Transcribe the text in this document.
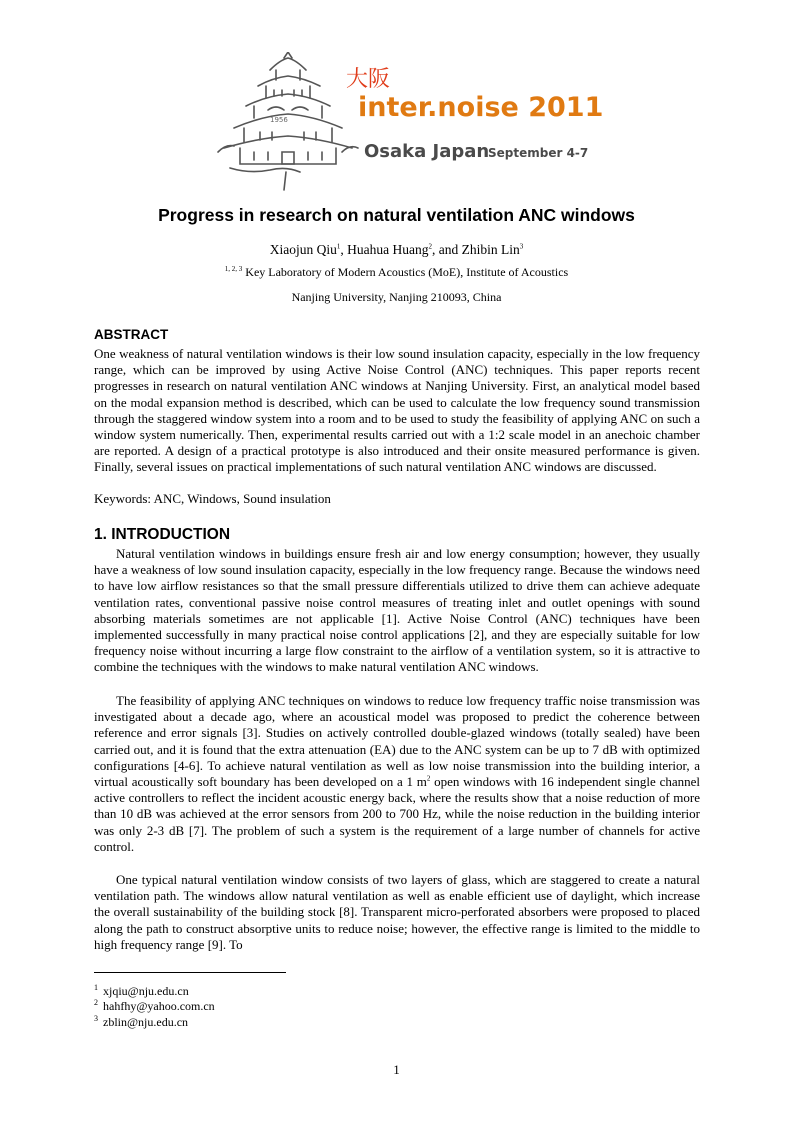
1956
大阪
inter.noise 2011
Osaka Japan
September 4-7
Progress in research on natural ventilation ANC windows
Xiaojun Qiu$^1$, Huahua Huang$^2$, and Zhibin Lin$^3$
$^{1, 2, 3}$ Key Laboratory of Modern Acoustics (MoE), Institute of Acoustics
Nanjing University, Nanjing 210093, China
ABSTRACT

One weakness of natural ventilation windows is their low sound insulation capacity, especially in the low frequency range, which can be improved by using Active Noise Control (ANC) techniques. This paper reports recent progresses in research on natural ventilation ANC windows at Nanjing University. First, an analytical model based on the modal expansion method is described, which can be used to calculate the low frequency sound transmission through the staggered window system into a room and to be used to study the feasibility of applying ANC on such a window system numerically. Then, experimental results carried out with a 1:2 scale model in an anechoic chamber are reported. A design of a practical prototype is also introduced and their onsite measured performance is given. Finally, several issues on practical implementations of such natural ventilation ANC windows are discussed.

Keywords: ANC, Windows, Sound insulation

1. INTRODUCTION

Natural ventilation windows in buildings ensure fresh air and low energy consumption; however, they usually have a weakness of low sound insulation capacity, especially in the low frequency range. Because the windows need to have low airflow resistances so that the small pressure differentials utilized to drive them can achieve adequate ventilation rates, conventional passive noise control measures of treating inlet and outlet openings with sound absorbing materials sometimes are not applicable [1]. Active Noise Control (ANC) techniques have been implemented successfully in many practical noise control applications [2], and they are especially suitable for low frequency noise without incurring a large flow constraint to the airflow of a ventilation system, so it is attractive to combine the techniques with the windows to make natural ventilation ANC windows.

The feasibility of applying ANC techniques on windows to reduce low frequency traffic noise transmission was investigated about a decade ago, where an acoustical model was proposed to predict the coherence between reference and error signals [3]. Studies on actively controlled double-glazed windows (totally sealed) have been carried out, and it is found that the extra attenuation (EA) due to the ANC system can be up to 7 dB with optimized configurations [4-6]. To achieve natural ventilation as well as low noise transmission into the building interior, a virtual acoustically soft boundary has been developed on a 1 $m^2$ open windows with 16 independent single channel active controllers to reflect the incident acoustic energy back, where the results show that a noise reduction of more than 10 dB was achieved at the error sensors from 200 to 700 Hz, while the noise reduction in the building interior was only 2-3 dB [7]. The problem of such a system is the requirement of a large number of channels for active control.

One typical natural ventilation window consists of two layers of glass, which are staggered to create a natural ventilation path. The windows allow natural ventilation as well as enable efficient use of daylight, which increase the overall sustainability of the building stock [8]. Transparent micro-perforated absorbers were proposed to placed along the path to construct absorptive units to reduce noise; however, the effective range is limited to the middle to high frequency range [9]. To

$^1$ xjqiu@nju.edu.cn
$^2$ hahfhy@yahoo.com.cn
$^3$ zblin@nju.edu.cn
1
